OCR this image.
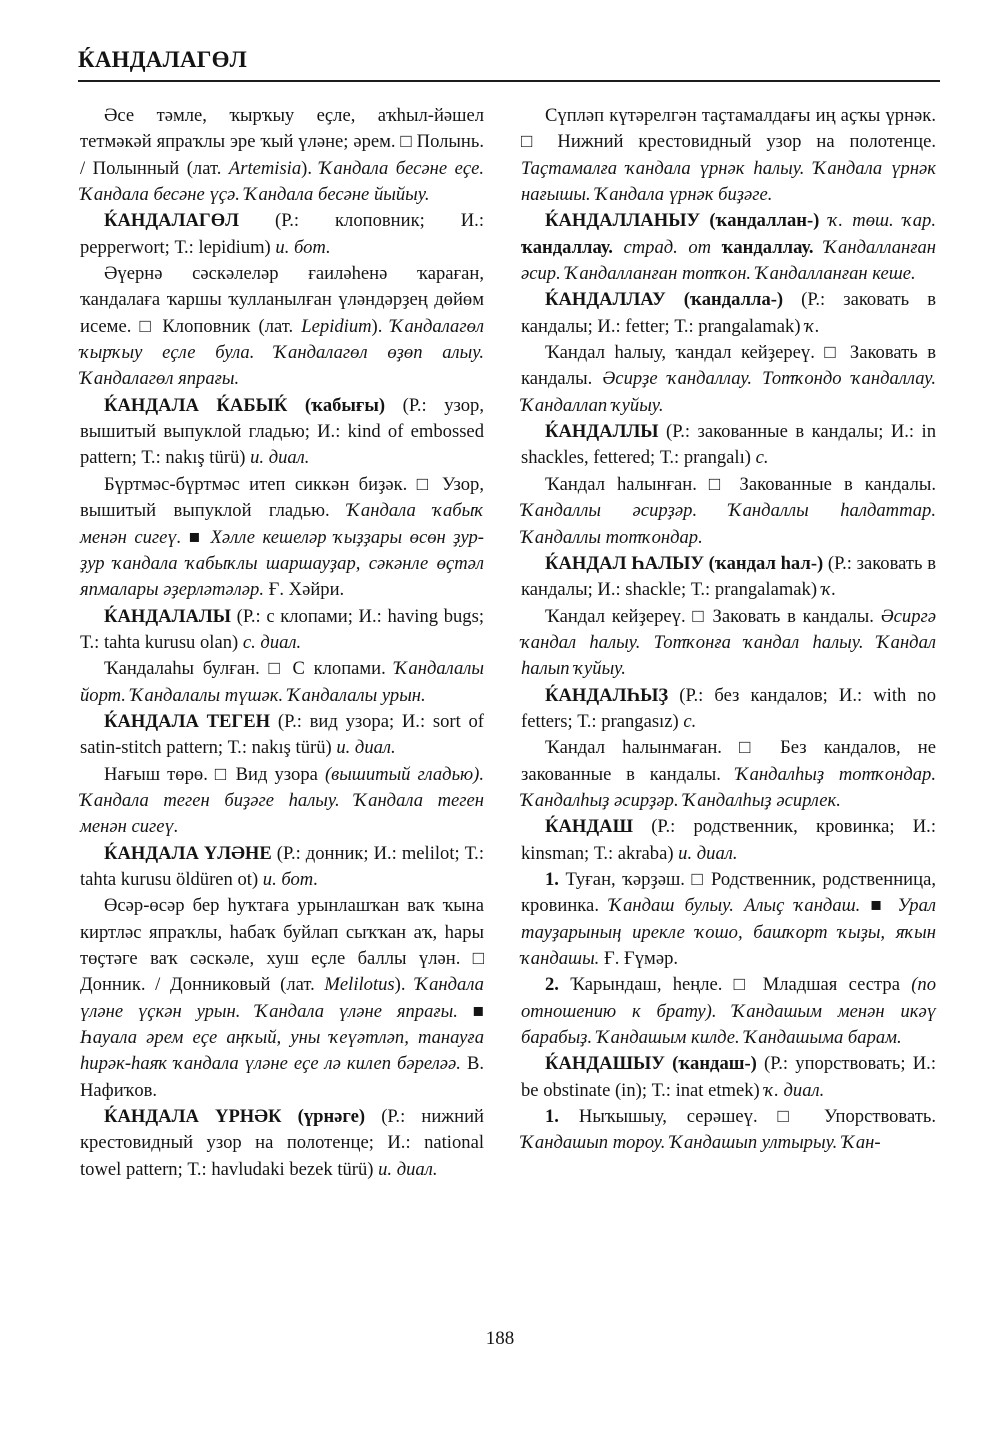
ЌАНДАЛАГӨЛ

Әсе тәмле, ҡырҡыу еҫле, аҡһыл-йәшел тетмәкәй япраҡлы эре ҡый үләне; әрем. □ Полынь. / Полынный (лат. Artemisia). Ҡандала бесәне еҫе. Ҡандала бесәне үҫә. Ҡандала бесәне йыйыу.

ЌАНДАЛАГӨЛ (Р.: клоповник; И.: pepperwort; Т.: lepidium) и. бот.

Әүернә сәскәлеләр ғаиләһенә ҡараған, ҡандалаға ҡаршы ҡулланылған үләндәрҙең дөйөм исеме. □ Клоповник (лат. Lepidium). Ҡандалагөл ҡырҡыу еҫле була. Ҡандалагөл өҙөп алыу. Ҡандалагөл япрағы.

ЌАНДАЛА ЌАБЫЌ (ҡабығы) (Р.: узор, вышитый выпуклой гладью; И.: kind of embossed pattern; Т.: nakış türü) и. диал.

Бүртмәс-бүртмәс итеп сиккән биҙәк. □ Узор, вышитый выпуклой гладью. Ҡандала ҡабыҡ менән сигеү. ■ Хәлле кешеләр ҡыҙҙары өсөн ҙур-ҙур ҡандала ҡабыҡлы шаршауҙар, сәкәнле өҫтәл япмалары әҙерләтәләр. Ғ. Хәйри.

ЌАНДАЛАЛЫ (Р.: с клопами; И.: having bugs; Т.: tahta kurusu olan) с. диал.

Ҡандалаһы булған. □ С клопами. Ҡандалалы йорт. Ҡандалалы түшәк. Ҡандалалы урын.

ЌАНДАЛА ТЕГЕН (Р.: вид узора; И.: sort of satin-stitch pattern; Т.: nakış türü) и. диал.

Нағыш төрө. □ Вид узора (вышитый гладью). Ҡандала теген биҙәге һалыу. Ҡандала теген менән сигеү.

ЌАНДАЛА ҮЛӘНЕ (Р.: донник; И.: melilot; Т.: tahta kurusu öldüren ot) и. бот.

Өсәр-өсәр бер һуҡтаға урынлашҡан ваҡ ҡына киртләс япраҡлы, һабаҡ буйлап сыҡҡан аҡ, һары төҫтәге ваҡ сәскәле, хуш еҫле баллы үлән. □ Донник. / Донниковый (лат. Melilotus). Ҡандала үләне үҫкән урын. Ҡандала үләне япрағы. ■ Һауала әрем еҫе аңҡый, уны ҡеүәтләп, танауға һирәк-һаяҡ ҡандала үләне еҫе лә килеп бәреләә. В. Нафиҡов.

ЌАНДАЛА ҮРНӘК (үрнәге) (Р.: нижний крестовидный узор на полотенце; И.: national towel pattern; Т.: havludaki bezek türü) и. диал.

Сүпләп күтәрелгән таҫтамалдағы иң аҫҡы үрнәк. □ Нижний крестовидный узор на полотенце. Таҫтамалға ҡандала үрнәк һалыу. Ҡандала үрнәк нағышы. Ҡандала үрнәк биҙәге.

ЌАНДАЛЛАНЫУ (ҡандаллан-) ҡ. төш. ҡар. ҡандаллау. страд. от ҡандаллау. Ҡандалланған әсир. Ҡандалланған тотҡон. Ҡандалланған кеше.

ЌАНДАЛЛАУ (ҡандалла-) (Р.: заковать в кандалы; И.: fetter; Т.: prangalamak) ҡ.

Ҡандал һалыу, ҡандал кейҙереү. □ Заковать в кандалы. Әсирҙе ҡандаллау. Тотҡондо ҡандаллау. Ҡандаллап ҡуйыу.

ЌАНДАЛЛЫ (Р.: закованные в кандалы; И.: in shackles, fettered; Т.: prangalı) с.

Ҡандал һалынған. □ Закованные в кандалы. Ҡандаллы әсирҙәр. Ҡандаллы һалдаттар. Ҡандаллы тотҡондар.

ЌАНДАЛ ҺАЛЫУ (ҡандал һал-) (Р.: заковать в кандалы; И.: shackle; Т.: prangalamak) ҡ.

Ҡандал кейҙереү. □ Заковать в кандалы. Әсиргә ҡандал һалыу. Тотҡонға ҡандал һалыу. Ҡандал һалып ҡуйыу.

ЌАНДАЛҺЫҘ (Р.: без кандалов; И.: with no fetters; Т.: prangasız) с.

Ҡандал һалынмаған. □ Без кандалов, не закованные в кандалы. Ҡандалһыҙ тотҡондар. Ҡандалһыҙ әсирҙәр. Ҡандалһыҙ әсирлек.

ЌАНДАШ (Р.: родственник, кровинка; И.: kinsman; Т.: akraba) и. диал.

1. Туған, ҡәрҙәш. □ Родственник, родственница, кровинка. Ҡандаш булыу. Алыҫ ҡандаш. ■ Урал тауҙарының ирекле ҡошо, башҡорт ҡыҙы, яҡын ҡандашы. Ғ. Ғүмәр.

2. Ҡарындаш, һеңле. □ Младшая сестра (по отношению к брату). Ҡандашым менән икәү барабыҙ. Ҡандашым килде. Ҡандашыма барам.

ЌАНДАШЫУ (ҡандаш-) (Р.: упорствовать; И.: be obstinate (in); Т.: inat etmek) ҡ. диал.

1. Ныҡышыу, серәшеү. □ Упорствовать. Ҡандашып тороу. Ҡандашып ултырыу. Ҡан-

188
